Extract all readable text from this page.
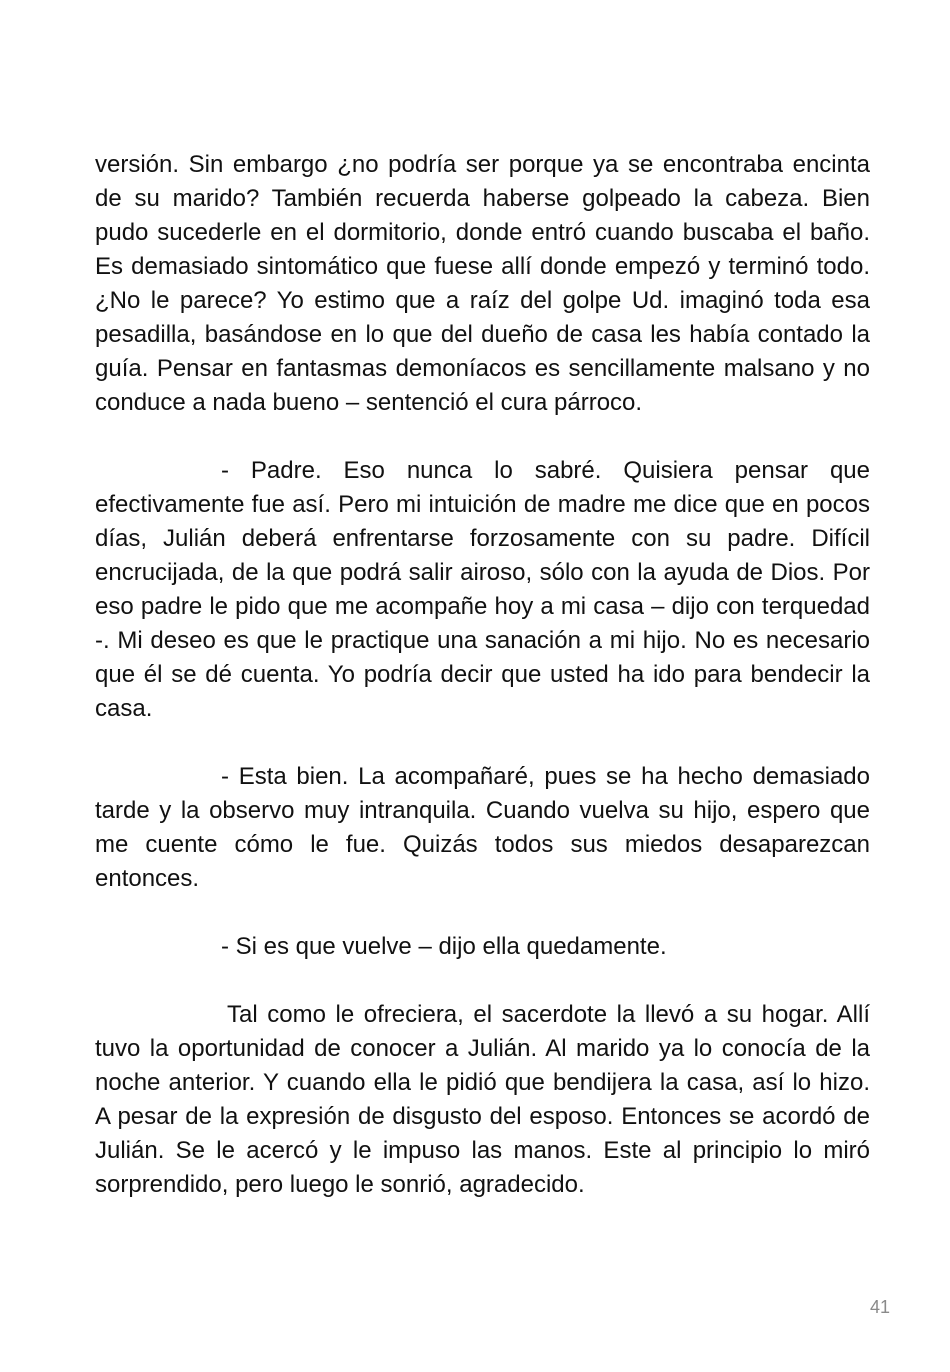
versión. Sin embargo ¿no podría ser porque ya se encontraba encinta de su marido? También recuerda haberse golpeado la cabeza. Bien pudo sucederle en el dormitorio, donde entró cuando buscaba el baño. Es demasiado sintomático que fuese allí donde empezó y terminó todo. ¿No le parece? Yo estimo que a raíz del golpe Ud. imaginó toda esa pesadilla, basándose en lo que del dueño de casa les había contado la guía. Pensar en fantasmas demoníacos es sencillamente malsano y no conduce a nada bueno – sentenció el cura párroco.

- Padre. Eso nunca lo sabré. Quisiera pensar que efectivamente fue así. Pero mi intuición de madre me dice que en pocos días, Julián deberá enfrentarse forzosamente con su padre. Difícil encrucijada, de la que podrá salir airoso, sólo con la ayuda de Dios. Por eso padre le pido que me acompañe hoy a mi casa – dijo con terquedad -. Mi deseo es que le practique una sanación a mi hijo. No es necesario que él se dé cuenta. Yo podría decir que usted ha ido para bendecir la casa.

- Esta bien. La acompañaré, pues se ha hecho demasiado tarde y la observo muy intranquila. Cuando vuelva su hijo, espero que me cuente cómo le fue. Quizás todos sus miedos desaparezcan entonces.

- Si es que vuelve – dijo ella quedamente.

Tal como le ofreciera, el sacerdote la llevó a su hogar. Allí tuvo la oportunidad de conocer a Julián. Al marido ya lo conocía de la noche anterior. Y cuando ella le pidió que bendijera la casa, así lo hizo. A pesar de la expresión de disgusto del esposo. Entonces se acordó de Julián. Se le acercó y le impuso las manos. Este al principio lo miró sorprendido, pero luego le sonrió, agradecido.

41
